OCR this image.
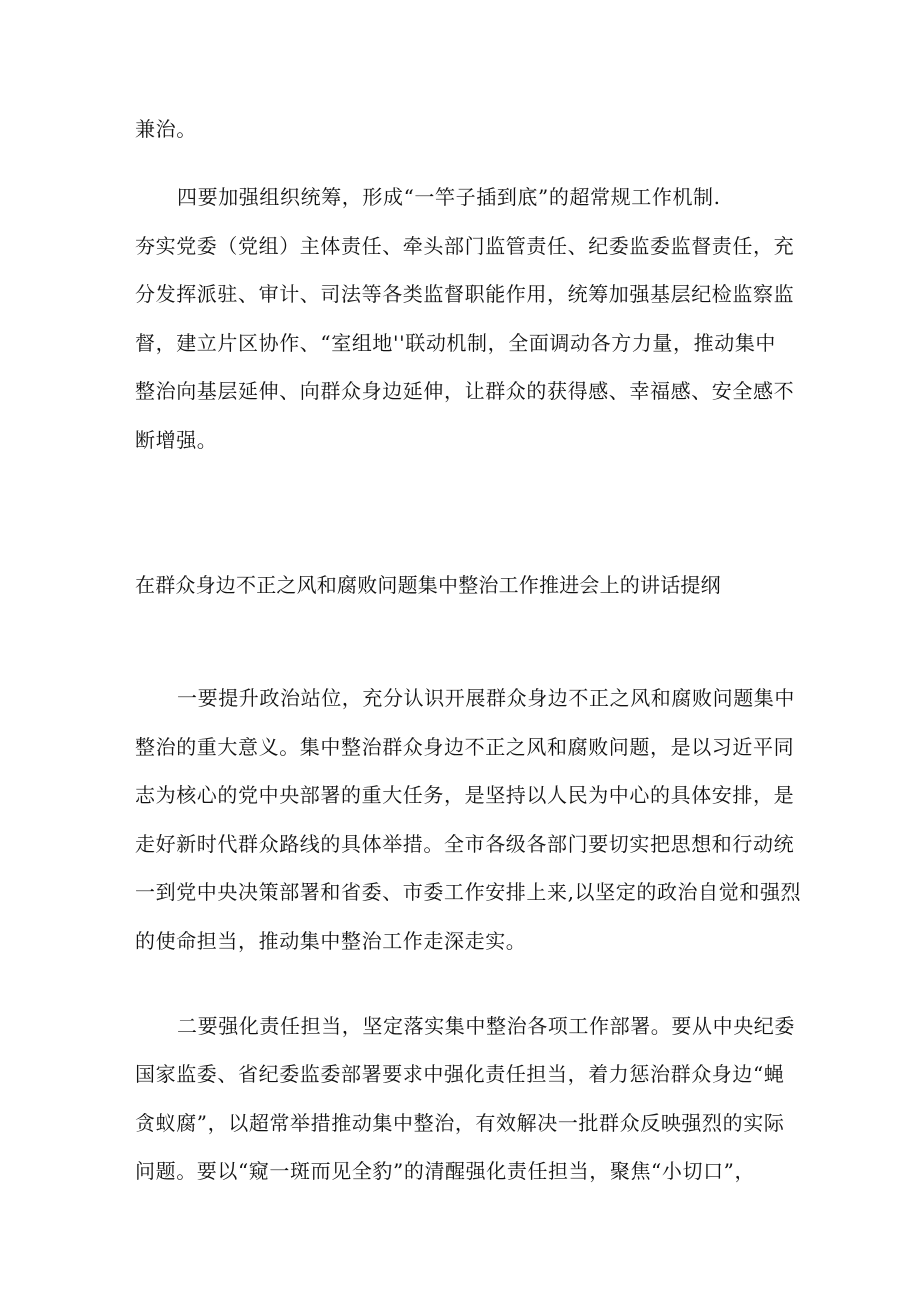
兼治。
四要加强组织统筹，形成“一竿子插到底”的超常规工作机制.
夯实党委（党组）主体责任、牵头部门监管责任、纪委监委监督责任，充
分发挥派驻、审计、司法等各类监督职能作用，统筹加强基层纪检监察监
督，建立片区协作、“室组地''联动机制，全面调动各方力量，推动集中
整治向基层延伸、向群众身边延伸，让群众的获得感、幸福感、安全感不
断增强。
在群众身边不正之风和腐败问题集中整治工作推进会上的讲话提纲
一要提升政治站位，充分认识开展群众身边不正之风和腐败问题集中
整治的重大意义。集中整治群众身边不正之风和腐败问题，是以习近平同
志为核心的党中央部署的重大任务，是坚持以人民为中心的具体安排，是
走好新时代群众路线的具体举措。全市各级各部门要切实把思想和行动统
一到党中央决策部署和省委、市委工作安排上来,以坚定的政治自觉和强烈
的使命担当，推动集中整治工作走深走实。
二要强化责任担当，坚定落实集中整治各项工作部署。要从中央纪委
国家监委、省纪委监委部署要求中强化责任担当，着力惩治群众身边“蝇
贪蚁腐”，以超常举措推动集中整治，有效解决一批群众反映强烈的实际
问题。要以“窥一斑而见全豹”的清醒强化责任担当，聚焦“小切口”，
